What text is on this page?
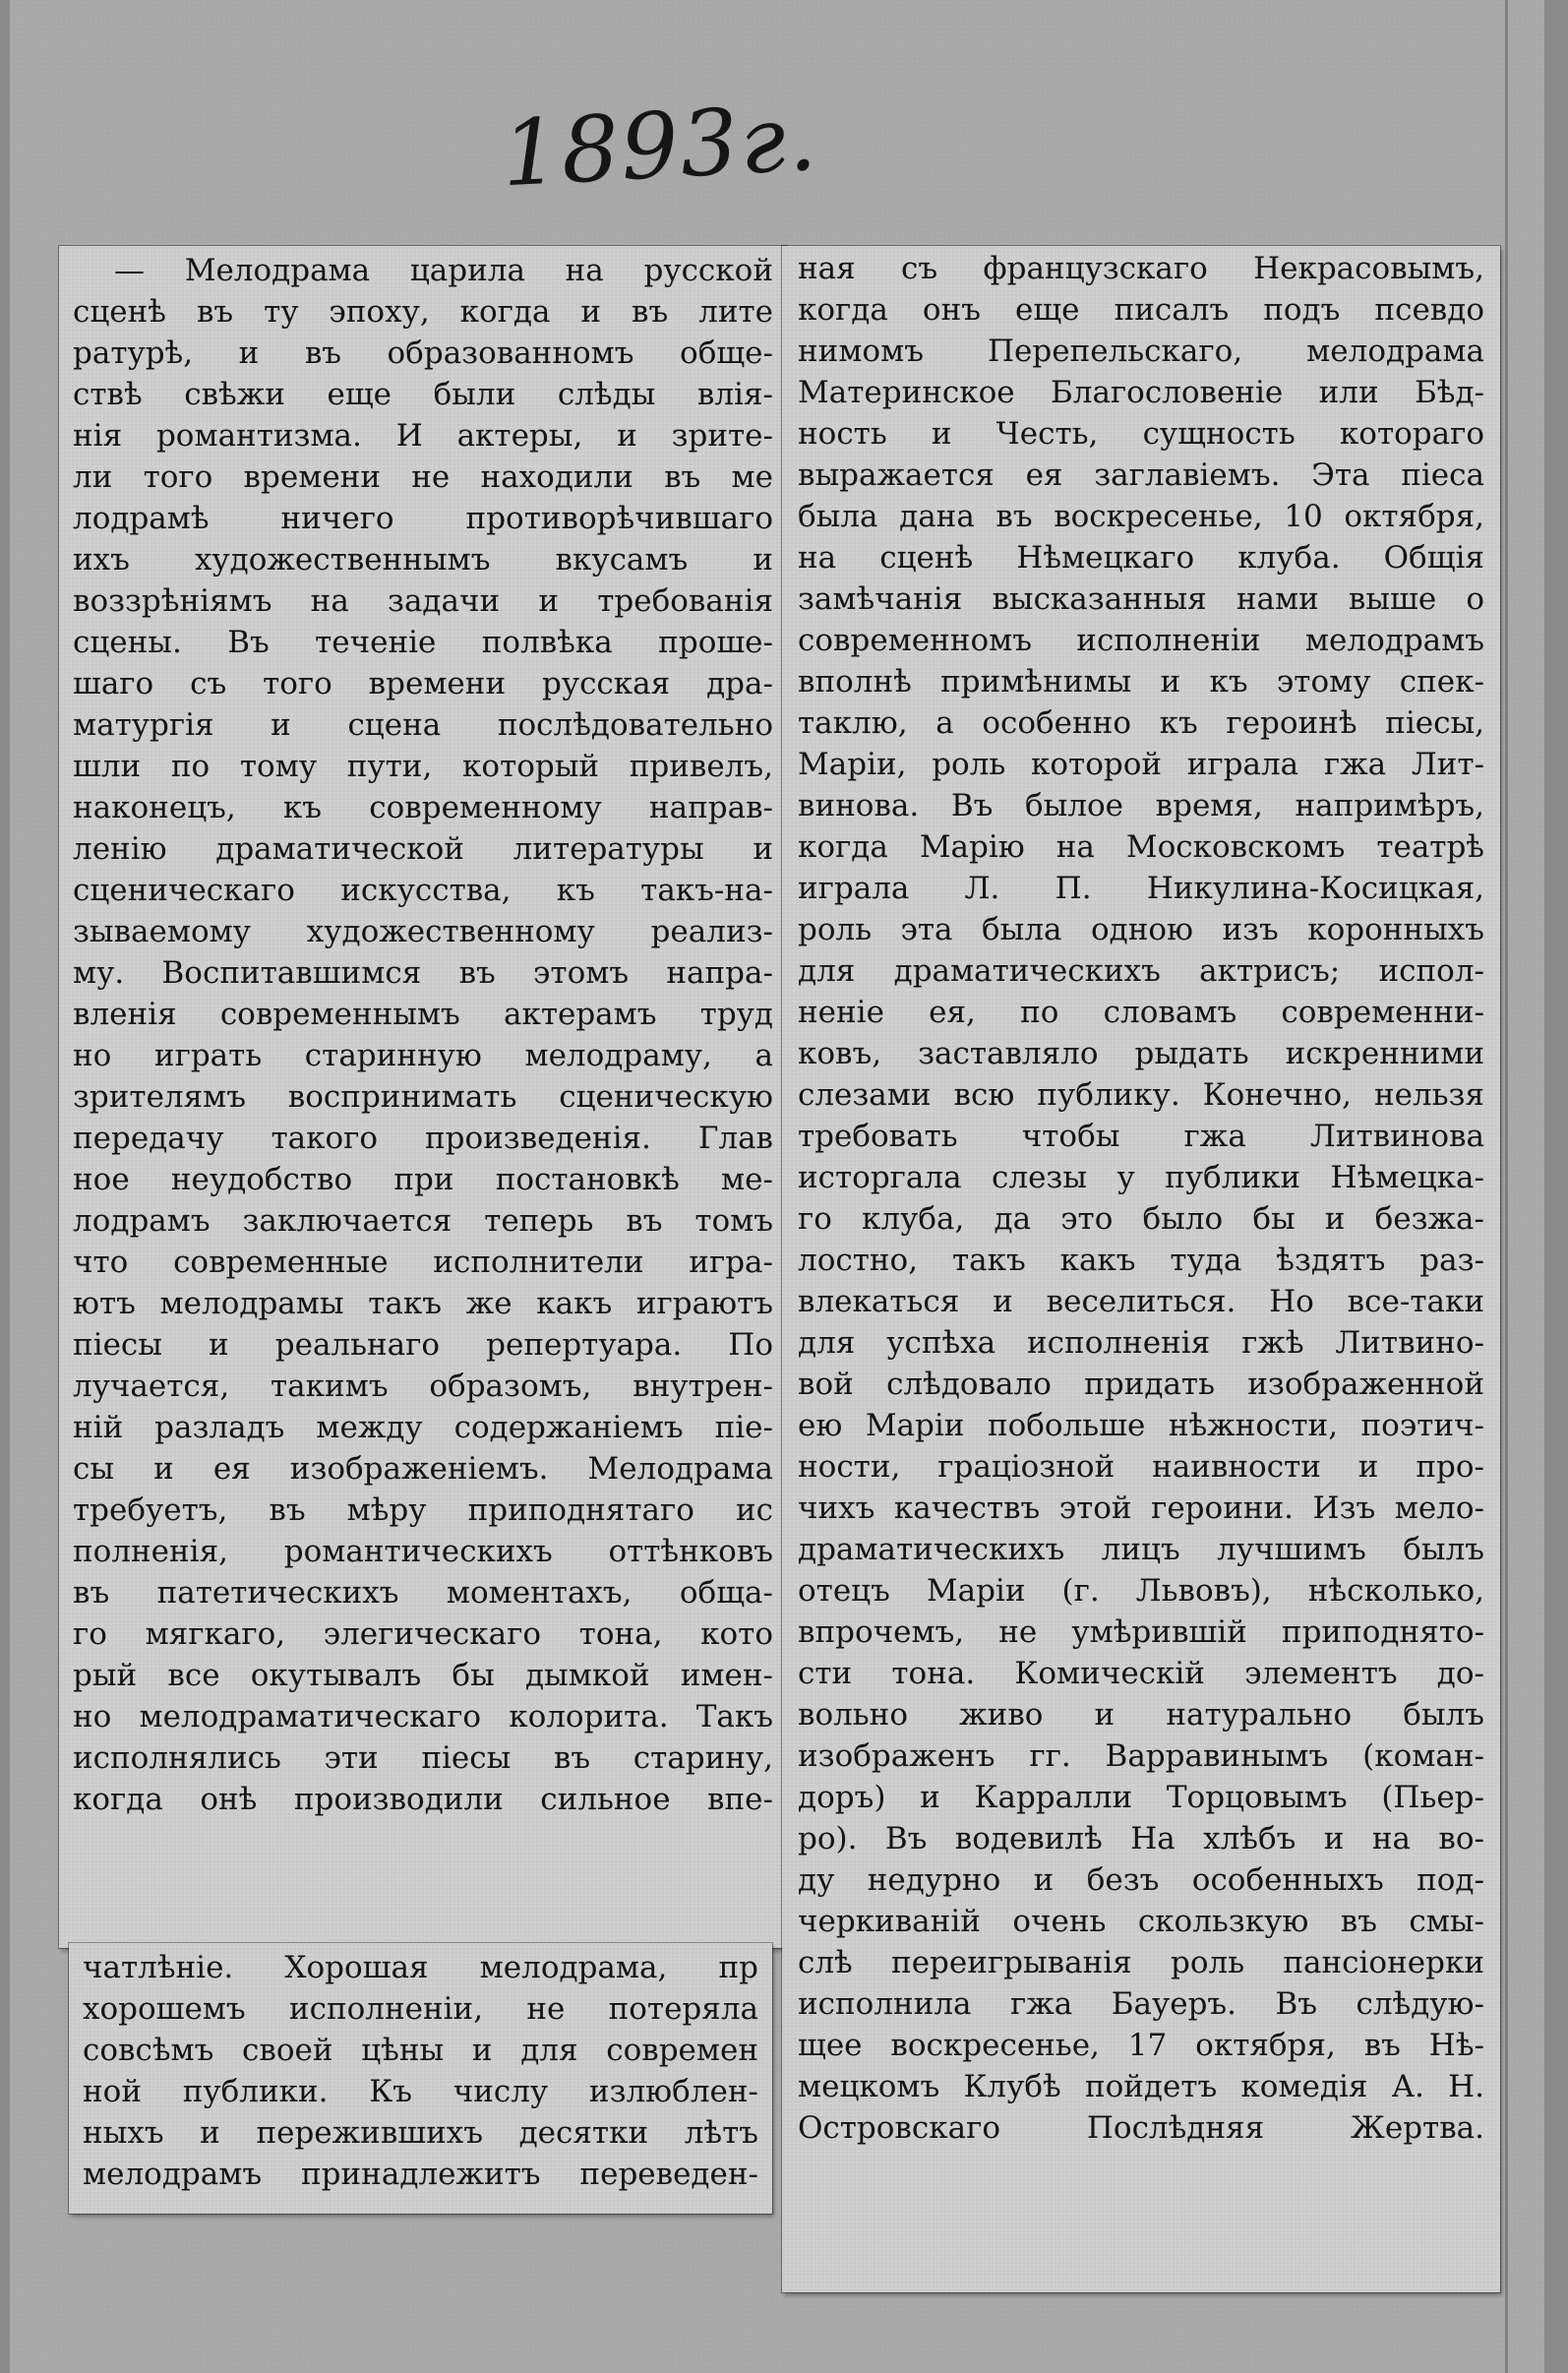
1893г.
— Мелодрама царила на русской
сценѣ въ ту эпоху, когда и въ лите
ратурѣ, и въ образованномъ обще-
ствѣ свѣжи еще были слѣды влія-
нія романтизма. И актеры, и зрите-
ли того времени не находили въ ме
лодрамѣ ничего противорѣчившаго
ихъ художественнымъ вкусамъ и
воззрѣніямъ на задачи и требованія
сцены. Въ теченіе полвѣка проше-
шаго съ того времени русская дра-
матургія и сцена послѣдовательно
шли по тому пути, который привелъ,
наконецъ, къ современному направ-
ленію драматической литературы и
сценическаго искусства, къ такъ-на-
зываемому художественному реализ-
му. Воспитавшимся въ этомъ напра-
вленія современнымъ актерамъ труд
но играть старинную мелодраму, а
зрителямъ воспринимать сценическую
передачу такого произведенія. Глав
ное неудобство при постановкѣ ме-
лодрамъ заключается теперь въ томъ
что современные исполнители игра-
ютъ мелодрамы такъ же какъ играютъ
піесы и реальнаго репертуара. По
лучается, такимъ образомъ, внутрен-
ній разладъ между содержаніемъ піе-
сы и ея изображеніемъ. Мелодрама
требуетъ, въ мѣру приподнятаго ис
полненія, романтическихъ оттѣнковъ
въ патетическихъ моментахъ, обща-
го мягкаго, элегическаго тона, кото
рый все окутывалъ бы дымкой имен-
но мелодраматическаго колорита. Такъ
исполнялись эти піесы въ старину,
когда онѣ производили сильное впе-
чатлѣніе. Хорошая мелодрама, пр
хорошемъ исполненіи, не потеряла
совсѣмъ своей цѣны и для современ
ной публики. Къ числу излюблен-
ныхъ и пережившихъ десятки лѣтъ
мелодрамъ принадлежитъ переведен-
ная съ французскаго Некрасовымъ,
когда онъ еще писалъ подъ псевдо
нимомъ Перепельскаго, мелодрама
Материнское Благословеніе или Бѣд-
ность и Честь, сущность котораго
выражается ея заглавіемъ. Эта піеса
была дана въ воскресенье, 10 октября,
на сценѣ Нѣмецкаго клуба. Общія
замѣчанія высказанныя нами выше о
современномъ исполненіи мелодрамъ
вполнѣ примѣнимы и къ этому спек-
таклю, а особенно къ героинѣ піесы,
Маріи, роль которой играла гжа Лит-
винова. Въ былое время, напримѣръ,
когда Марію на Московскомъ театрѣ
играла Л. П. Никулина-Косицкая,
роль эта была одною изъ коронныхъ
для драматическихъ актрисъ; испол-
неніе ея, по словамъ современни-
ковъ, заставляло рыдать искренними
слезами всю публику. Конечно, нельзя
требовать чтобы гжа Литвинова
исторгала слезы у публики Нѣмецка-
го клуба, да это было бы и безжа-
лостно, такъ какъ туда ѣздятъ раз-
влекаться и веселиться. Но все-таки
для успѣха исполненія гжѣ Литвино-
вой слѣдовало придать изображенной
ею Маріи побольше нѣжности, поэтич-
ности, граціозной наивности и про-
чихъ качествъ этой героини. Изъ мело-
драматическихъ лицъ лучшимъ былъ
отецъ Маріи (г. Львовъ), нѣсколько,
впрочемъ, не умѣрившій приподнято-
сти тона. Комическій элементъ до-
вольно живо и натурально былъ
изображенъ гг. Варравинымъ (коман-
доръ) и Карралли Торцовымъ (Пьер-
ро). Въ водевилѣ На хлѣбъ и на во-
ду недурно и безъ особенныхъ под-
черкиваній очень скользкую въ смы-
слѣ переигрыванія роль пансіонерки
исполнила гжа Бауеръ. Въ слѣдую-
щее воскресенье, 17 октября, въ Нѣ-
мецкомъ Клубѣ пойдетъ комедія А. Н.
Островскаго Послѣдняя Жертва.
